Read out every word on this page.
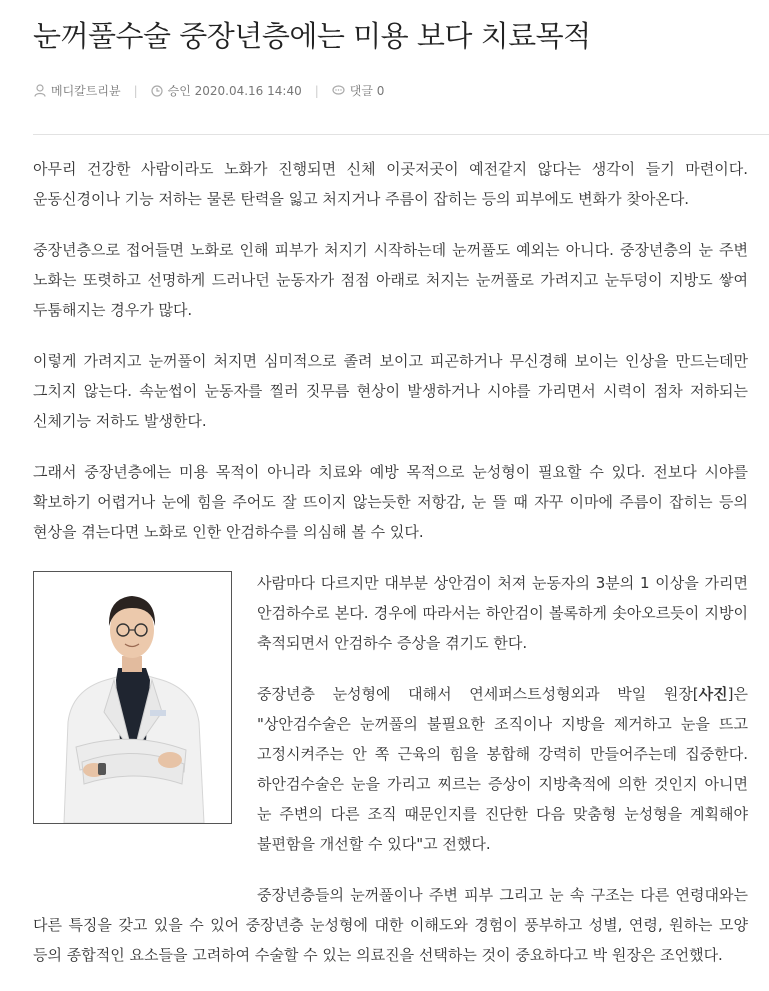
눈꺼풀수술 중장년층에는 미용 보다 치료목적
메디칼트리뷴 |	승인 2020.04.16 14:40 |	댓글 0

아무리 건강한 사람이라도 노화가 진행되면 신체 이곳저곳이 예전같지 않다는 생각이 들기 마련이다. 운동신경이나 기능 저하는 물론 탄력을 잃고 처지거나 주름이 잡히는 등의 피부에도 변화가 찾아온다.

중장년층으로 접어들면 노화로 인해 피부가 처지기 시작하는데 눈꺼풀도 예외는 아니다. 중장년층의 눈 주변 노화는 또렷하고 선명하게 드러나던 눈동자가 점점 아래로 처지는 눈꺼풀로 가려지고 눈두덩이 지방도 쌓여 두툼해지는 경우가 많다.

이렇게 가려지고 눈꺼풀이 처지면 심미적으로 졸려 보이고 피곤하거나 무신경해 보이는 인상을 만드는데만 그치지 않는다. 속눈썹이 눈동자를 찔러 짓무름 현상이 발생하거나 시야를 가리면서 시력이 점차 저하되는 신체기능 저하도 발생한다.

그래서 중장년층에는 미용 목적이 아니라 치료와 예방 목적으로 눈성형이 필요할 수 있다. 전보다 시야를 확보하기 어렵거나 눈에 힘을 주어도 잘 뜨이지 않는듯한 저항감, 눈 뜰 때 자꾸 이마에 주름이 잡히는 등의 현상을 겪는다면 노화로 인한 안검하수를 의심해 볼 수 있다.

사람마다 다르지만 대부분 상안검이 처져 눈동자의 3분의 1 이상을 가리면 안검하수로 본다. 경우에 따라서는 하안검이 볼록하게 솟아오르듯이 지방이 축적되면서 안검하수 증상을 겪기도 한다.

중장년층 눈성형에 대해서 연세퍼스트성형외과 박일 원장[사진]은 "상안검수술은 눈꺼풀의 불필요한 조직이나 지방을 제거하고 눈을 뜨고 고정시켜주는 안 쪽 근육의 힘을 봉합해 강력히 만들어주는데 집중한다. 하안검수술은 눈을 가리고 찌르는 증상이 지방축적에 의한 것인지 아니면 눈 주변의 다른 조직 때문인지를 진단한 다음 맞춤형 눈성형을 계획해야 불편함을 개선할 수 있다"고 전했다.

중장년층들의 눈꺼풀이나 주변 피부 그리고 눈 속 구조는 다른 연령대와는 다른 특징을 갖고 있을 수 있어 중장년층 눈성형에 대한 이해도와 경험이 풍부하고 성별, 연령, 원하는 모양 등의 종합적인 요소들을 고려하여 수술할 수 있는 의료진을 선택하는 것이 중요하다고 박 원장은 조언했다.
